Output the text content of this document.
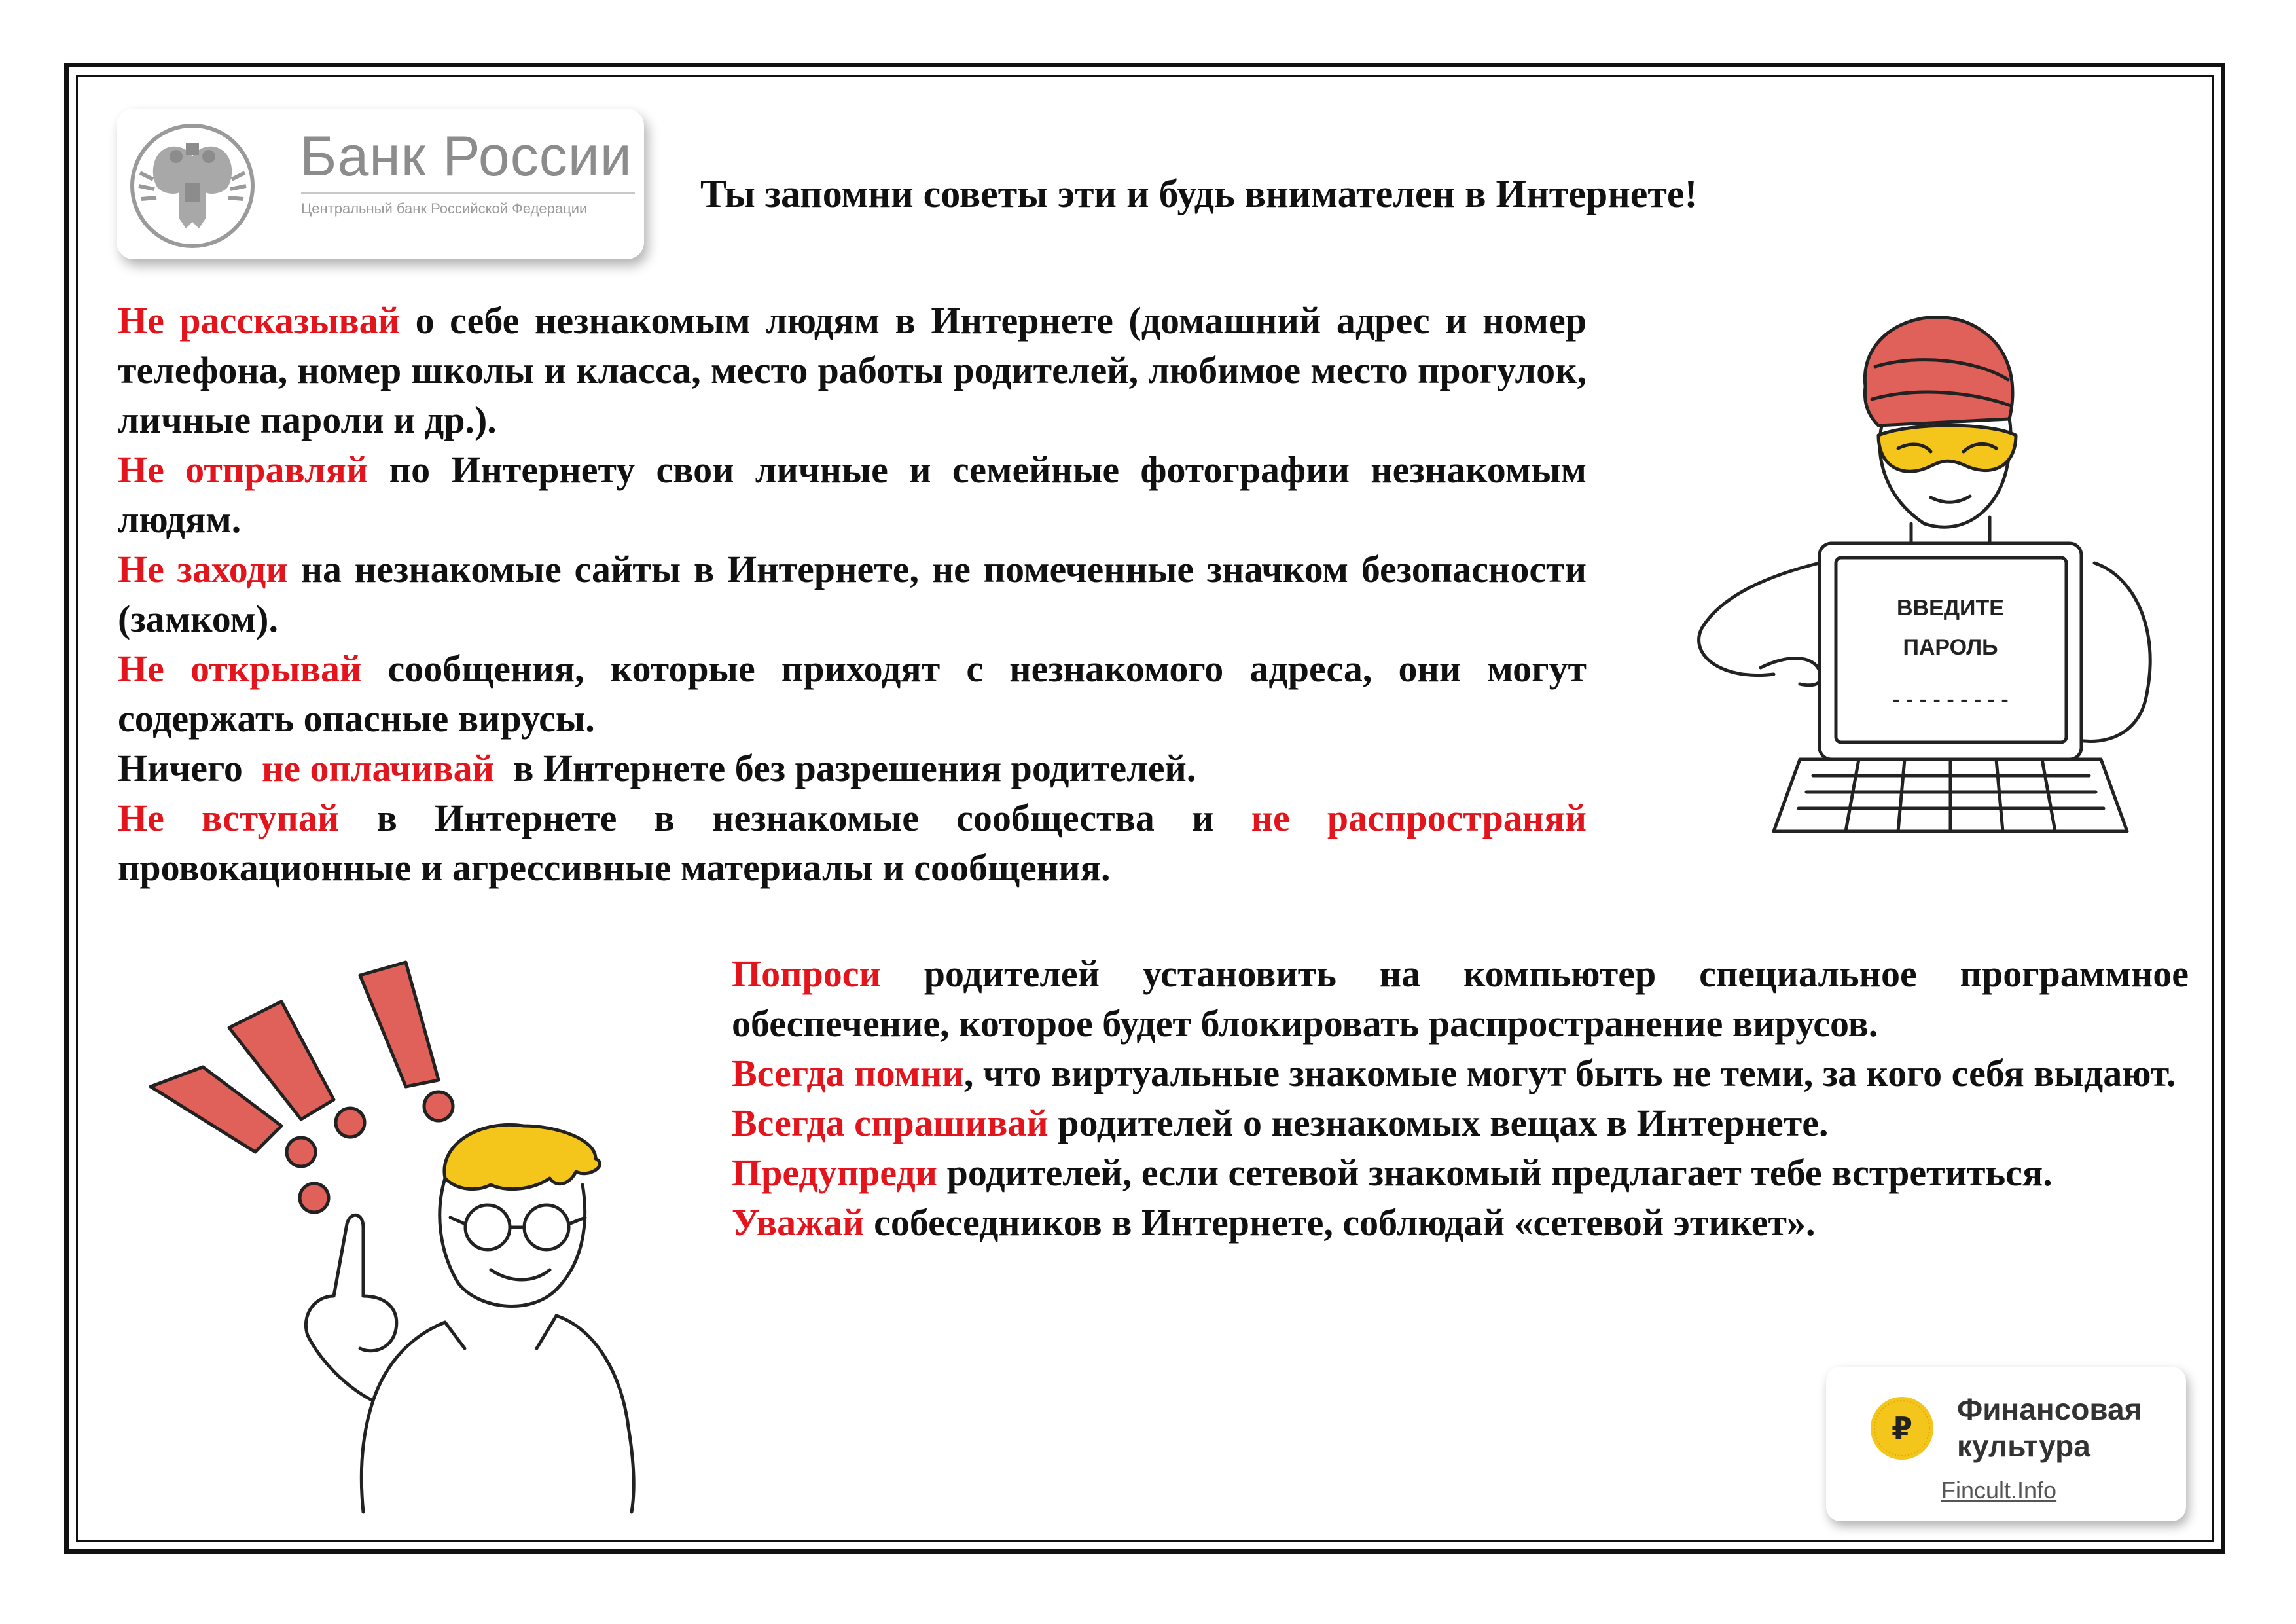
Банк России
Центральный банк Российской Федерации	Ты запомни советы эти и будь внимателен в Интернете!

Не рассказывай о себе незнакомым людям в Интернете (домашний адрес и номер телефона, номер школы и класса, место работы родителей, любимое место прогулок, личные пароли и др.).

Не отправляй по Интернету свои личные и семейные фотографии незнакомым людям.

Не заходи на незнакомые сайты в Интернете, не помеченные значком безопасности (замком).

Не открывай сообщения, которые приходят с незнакомого адреса, они могут содержать опасные вирусы.

Ничего  не оплачивай  в Интернете без разрешения родителей.

Не вступай в Интернете в незнакомые сообщества и не распространяй провокационные и агрессивные материалы и сообщения.

ВВЕДИТЕ
ПАРОЛЬ
- - - - - - - - -

Попроси родителей установить на компьютер специальное программное обеспечение, которое будет блокировать распространение вирусов.

Всегда помни, что виртуальные знакомые могут быть не теми, за кого себя выдают.

Всегда спрашивай родителей о незнакомых вещах в Интернете.

Предупреди родителей, если сетевой знакомый предлагает тебе встретиться.

Уважай собеседников в Интернете, соблюдай «сетевой этикет».

₽
Финансовая
культура
Fincult.Info
